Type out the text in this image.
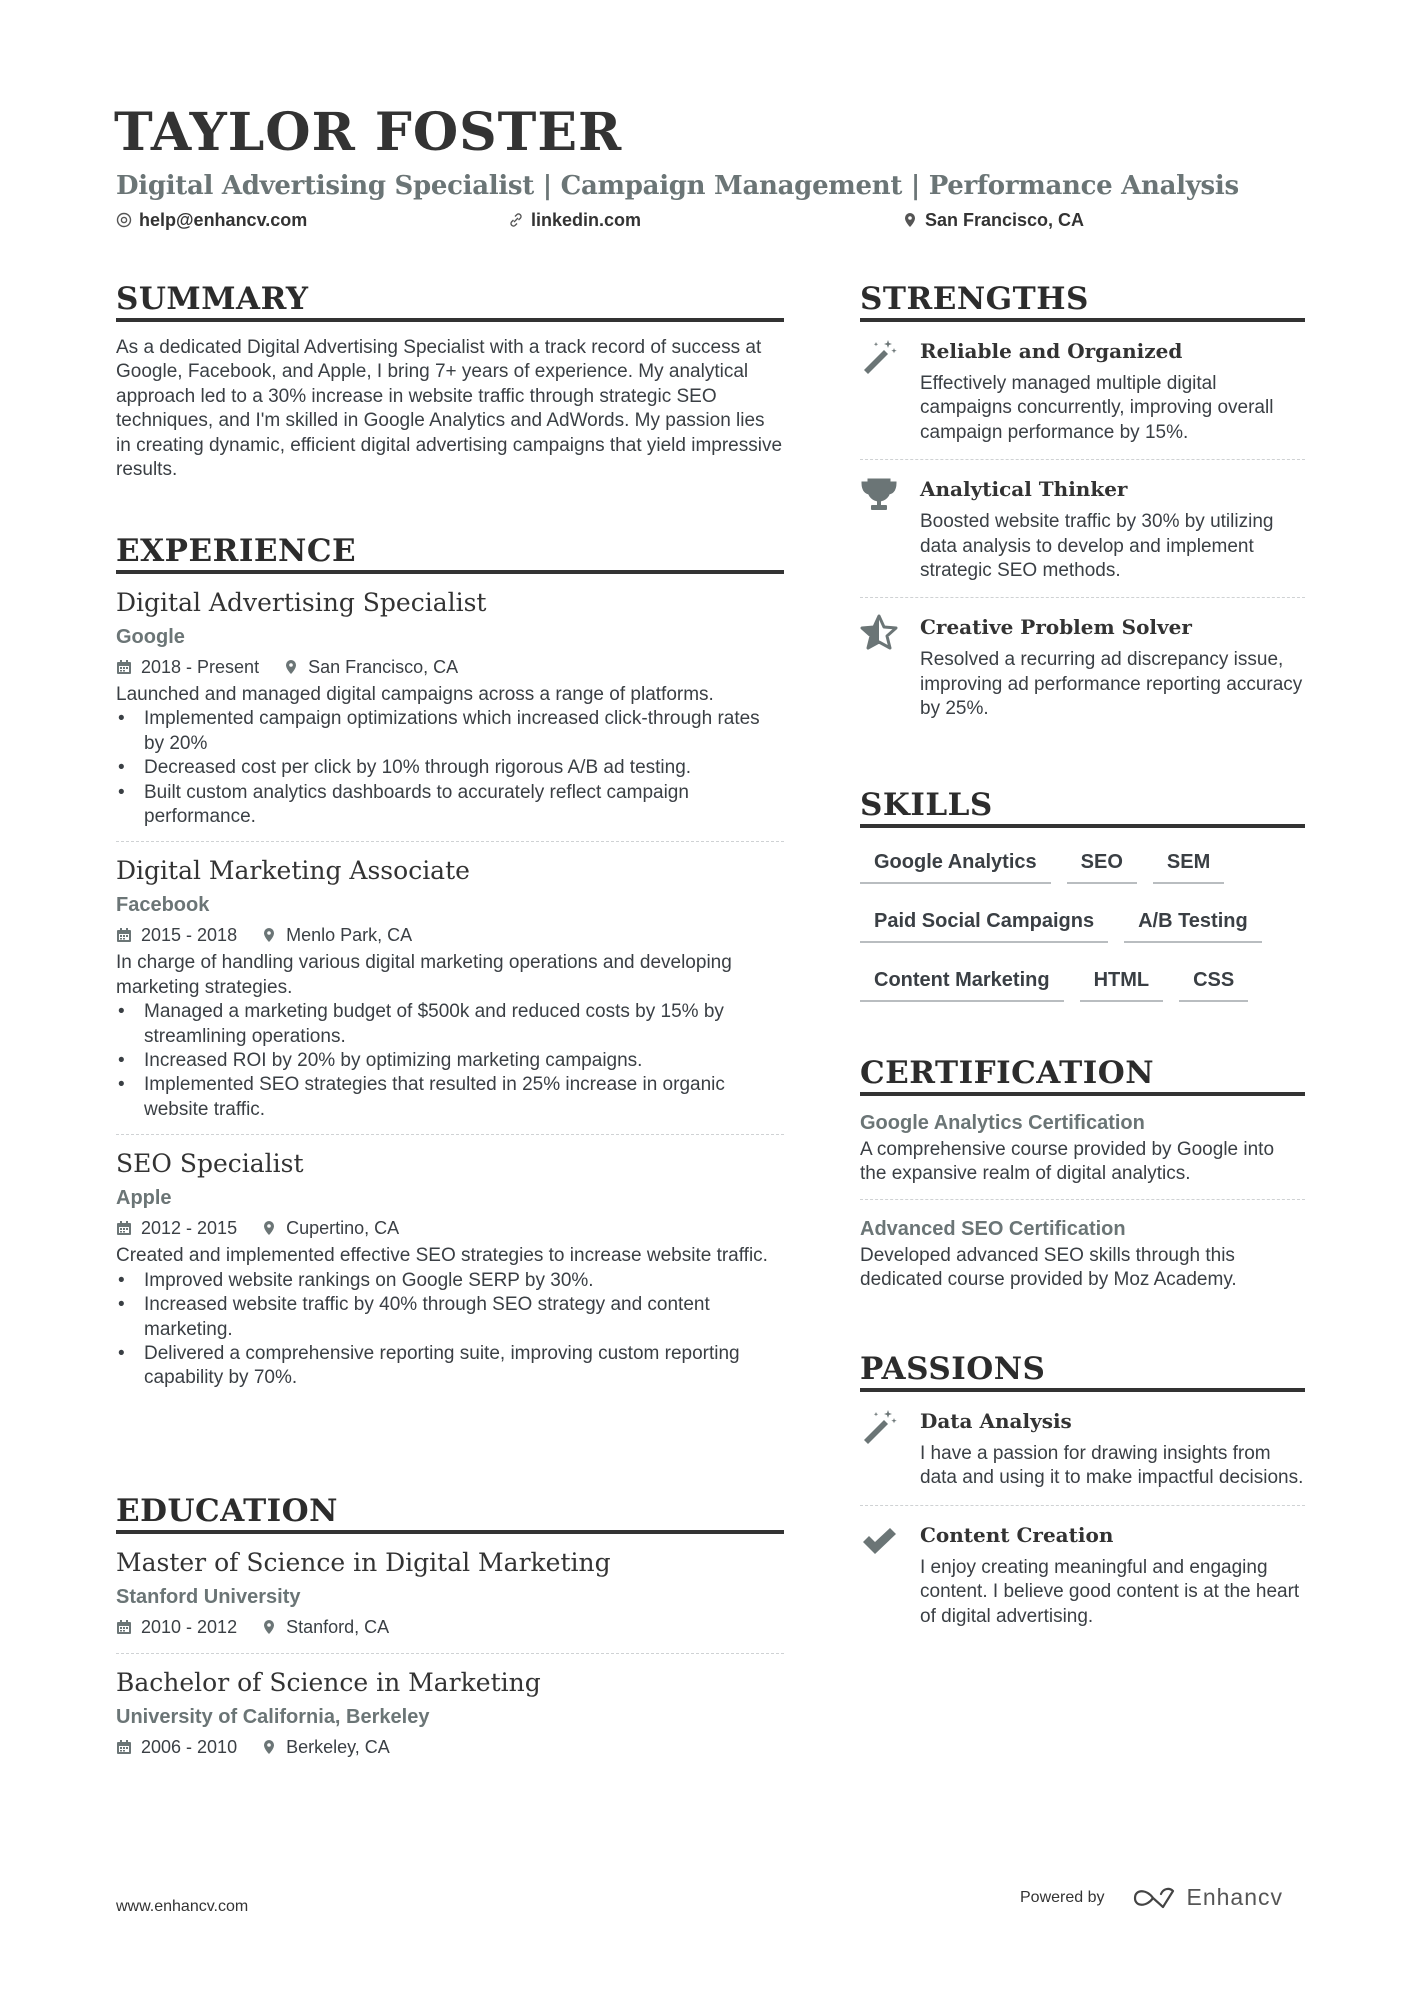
TAYLOR FOSTER
Digital Advertising Specialist | Campaign Management | Performance Analysis
help@enhancv.com	linkedin.com	San Francisco, CA
SUMMARY
As a dedicated Digital Advertising Specialist with a track record of success at Google, Facebook, and Apple, I bring 7+ years of experience. My analytical approach led to a 30% increase in website traffic through strategic SEO techniques, and I'm skilled in Google Analytics and AdWords. My passion lies in creating dynamic, efficient digital advertising campaigns that yield impressive results.
EXPERIENCE
Digital Advertising Specialist
Google
2018 - Present	San Francisco, CA
Launched and managed digital campaigns across a range of platforms.
• Implemented campaign optimizations which increased click-through rates by 20%
• Decreased cost per click by 10% through rigorous A/B ad testing.
• Built custom analytics dashboards to accurately reflect campaign performance.
Digital Marketing Associate
Facebook
2015 - 2018	Menlo Park, CA
In charge of handling various digital marketing operations and developing marketing strategies.
• Managed a marketing budget of $500k and reduced costs by 15% by streamlining operations.
• Increased ROI by 20% by optimizing marketing campaigns.
• Implemented SEO strategies that resulted in 25% increase in organic website traffic.
SEO Specialist
Apple
2012 - 2015	Cupertino, CA
Created and implemented effective SEO strategies to increase website traffic.
• Improved website rankings on Google SERP by 30%.
• Increased website traffic by 40% through SEO strategy and content marketing.
• Delivered a comprehensive reporting suite, improving custom reporting capability by 70%.
EDUCATION
Master of Science in Digital Marketing
Stanford University
2010 - 2012	Stanford, CA
Bachelor of Science in Marketing
University of California, Berkeley
2006 - 2010	Berkeley, CA
STRENGTHS
Reliable and Organized
Effectively managed multiple digital campaigns concurrently, improving overall campaign performance by 15%.
Analytical Thinker
Boosted website traffic by 30% by utilizing data analysis to develop and implement strategic SEO methods.
Creative Problem Solver
Resolved a recurring ad discrepancy issue, improving ad performance reporting accuracy by 25%.
SKILLS
Google Analytics	SEO	SEM
Paid Social Campaigns	A/B Testing
Content Marketing	HTML	CSS
CERTIFICATION
Google Analytics Certification
A comprehensive course provided by Google into the expansive realm of digital analytics.
Advanced SEO Certification
Developed advanced SEO skills through this dedicated course provided by Moz Academy.
PASSIONS
Data Analysis
I have a passion for drawing insights from data and using it to make impactful decisions.
Content Creation
I enjoy creating meaningful and engaging content. I believe good content is at the heart of digital advertising.
www.enhancv.com
Powered by	Enhancv
